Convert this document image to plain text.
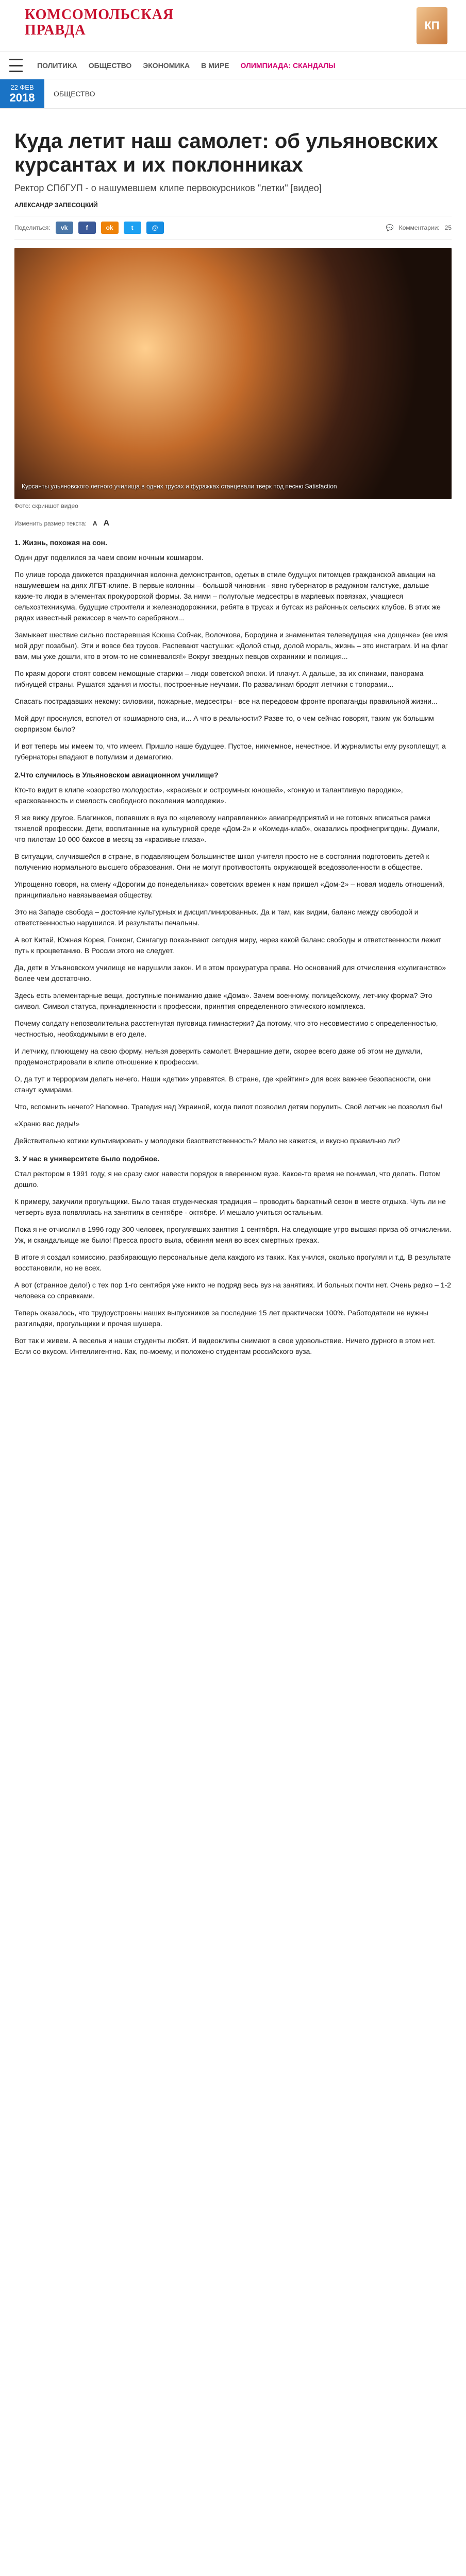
КОМСОМОЛЬСКАЯ
ПРАВДА	КП
ПОЛИТИКА ОБЩЕСТВО ЭКОНОМИКА В МИРЕ ОЛИМПИАДА: СКАНДАЛЫ
22 ФЕВ
2018	ОБЩЕСТВО
Куда летит наш самолет: об ульяновских курсантах и их поклонниках
Ректор СПбГУП - о нашумевшем клипе первокурсников "летки" [видео]
АЛЕКСАНДР ЗАПЕСОЦКИЙ
Поделиться:	vk	f	ok	t	@	💬 Комментарии: 25
Курсанты ульяновского летного училища в одних трусах и фуражках станцевали тверк под песню Satisfaction
Фото: скриншот видео
Изменить размер текста: А А
1. Жизнь, похожая на сон.

Один друг поделился за чаем своим ночным кошмаром.

По улице города движется праздничная колонна демонстрантов, одетых в стиле будущих питомцев гражданской авиации на нашумевшем на днях ЛГБТ-клипе. В первые колонны – большой чиновник - явно губернатор в радужном галстуке, дальше какие-то люди в элементах прокурорской формы. За ними – полуголые медсестры в марлевых повязках, учащиеся сельхозтехникума, будущие строители и железнодорожники, ребята в трусах и бутсах из районных сельских клубов. В этих же рядах известный режиссер в чем-то серебряном...

Замыкает шествие сильно постаревшая Ксюша Собчак, Волочкова, Бородина и знаменитая телеведущая «на дощечке» (ее имя мой друг позабыл). Эти и вовсе без трусов. Распевают частушки: «Долой стыд, долой мораль, жизнь – это инстаграм. И на флаг вам, мы уже дошли, кто в этом-то не сомневался!» Вокруг звездных певцов охранники и полиция...

По краям дороги стоят совсем немощные старики – люди советской эпохи. И плачут. А дальше, за их спинами, панорама гибнущей страны. Рушатся здания и мосты, построенные неучами. По развалинам бродят летчики с топорами...

Спасать пострадавших некому: силовики, пожарные, медсестры - все на передовом фронте пропаганды правильной жизни...

Мой друг проснулся, вспотел от кошмарного сна, и... А что в реальности? Разве то, о чем сейчас говорят, таким уж большим сюрпризом было?

И вот теперь мы имеем то, что имеем. Пришло наше будущее. Пустое, никчемное, нечестное. И журналисты ему рукоплещут, а губернаторы впадают в популизм и демагогию.

2.Что случилось в Ульяновском авиационном училище?

Кто-то видит в клипе «озорство молодости», «красивых и остроумных юношей», «гонкую и талантливую пародию», «раскованность и смелость свободного поколения молодежи».

Я же вижу другое. Благинков, попавших в вуз по «целевому направлению» авиапредприятий и не готовых вписаться рамки тяжелой профессии. Дети, воспитанные на культурной среде «Дом-2» и «Комеди-клаб», оказались профнепригодны. Думали, что пилотам 10 000 баксов в месяц за «красивые глаза».

В ситуации, случившейся в стране, в подавляющем большинстве школ учителя просто не в состоянии подготовить детей к получению нормального высшего образования. Они не могут противостоять окружающей вседозволенности в обществе.

Упрощенно говоря, на смену «Дорогим до понедельника» советских времен к нам пришел «Дом-2» – новая модель отношений, принципиально навязываемая обществу.

Это на Западе свобода – достояние культурных и дисциплинированных. Да и там, как видим, баланс между свободой и ответственностью нарушился. И результаты печальны.

А вот Китай, Южная Корея, Гонконг, Сингапур показывают сегодня миру, через какой баланс свободы и ответственности лежит путь к процветанию. В России этого не следует.

Да, дети в Ульяновском училище не нарушили закон. И в этом прокуратура права. Но оснований для отчисления «хулиганство» более чем достаточно.

Здесь есть элементарные вещи, доступные пониманию даже «Дома». Зачем военному, полицейскому, летчику форма? Это символ. Символ статуса, принадлежности к профессии, принятия определенного этического комплекса.

Почему солдату непозволительна расстегнутая пуговица гимнастерки? Да потому, что это несовместимо с определенностью, честностью, необходимыми в его деле.

И летчику, плюющему на свою форму, нельзя доверить самолет. Вчерашние дети, скорее всего даже об этом не думали, продемонстрировали в клипе отношение к профессии.

О, да тут и терроризм делать нечего. Наши «детки» управятся. В стране, где «рейтинг» для всех важнее безопасности, они станут кумирами.

Что, вспомнить нечего? Напомню. Трагедия над Украиной, когда пилот позволил детям порулить. Свой летчик не позволил бы!

«Храню вас деды!»

Действительно котики культивировать у молодежи безответственность? Мало не кажется, и вкусно правильно ли?

3. У нас в университете было подобное.

Стал ректором в 1991 году, я не сразу смог навести порядок в вверенном вузе. Какое-то время не понимал, что делать. Потом дошло.

К примеру, закучили прогульщики. Было такая студенческая традиция – проводить баркатный сезон в месте отдыха. Чуть ли не четверть вуза появлялась на занятиях в сентябре - октябре. И мешало учиться остальным.

Пока я не отчислил в 1996 году 300 человек, прогулявших занятия 1 сентября. На следующие утро высшая приза об отчислении. Уж, и скандальище же было! Пресса просто выла, обвиняя меня во всех смертных грехах.

В итоге я создал комиссию, разбирающую персональные дела каждого из таких. Как учился, сколько прогулял и т.д. В результате восстановили, но не всех.

А вот (странное дело!) с тех пор 1-го сентября уже никто не подряд весь вуз на занятиях. И больных почти нет. Очень редко – 1-2 человека со справками.

Теперь оказалось, что трудоустроены наших выпускников за последние 15 лет практически 100%. Работодатели не нужны разгильдяи, прогульщики и прочая шушера.

Вот так и живем. А веселья и наши студенты любят. И видеоклипы снимают в свое удовольствие. Ничего дурного в этом нет. Если со вкусом. Интеллигентно. Как, по-моему, и положено студентам российского вуза.
